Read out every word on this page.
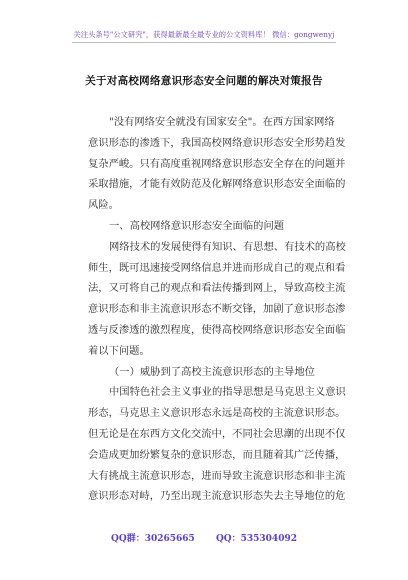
关注头条号"公文研究"，获得最新最全最专业的公文资料库！ 微信：gongwenyj
关于对高校网络意识形态安全问题的解决对策报告
"没有网络安全就没有国家安全"。在西方国家网络
意识形态的渗透下，我国高校网络意识形态安全形势趋发
复杂严峻。只有高度重视网络意识形态安全存在的问题并
采取措施，才能有效防范及化解网络意识形态安全面临的
风险。
一、高校网络意识形态安全面临的问题
网络技术的发展使得有知识、有思想、有技术的高校
师生，既可迅速接受网络信息并进而形成自己的观点和看
法，又可将自己的观点和看法传播到网上，导致高校主流
意识形态和非主流意识形态不断交锋，加剧了意识形态渗
透与反渗透的激烈程度，使得高校网络意识形态安全面临
着以下问题。
（一）威胁到了高校主流意识形态的主导地位
中国特色社会主义事业的指导思想是马克思主义意识
形态，马克思主义意识形态永远是高校的主流意识形态。
但无论是在东西方文化交流中，不同社会思潮的出现不仅
会造成更加纷繁复杂的意识形态，而且随着其广泛传播，
大有挑战主流意识形态，进而导致主流意识形态和非主流
意识形态对峙，乃至出现主流意识形态失去主导地位的危
QQ群：30265665 QQ：535304092
